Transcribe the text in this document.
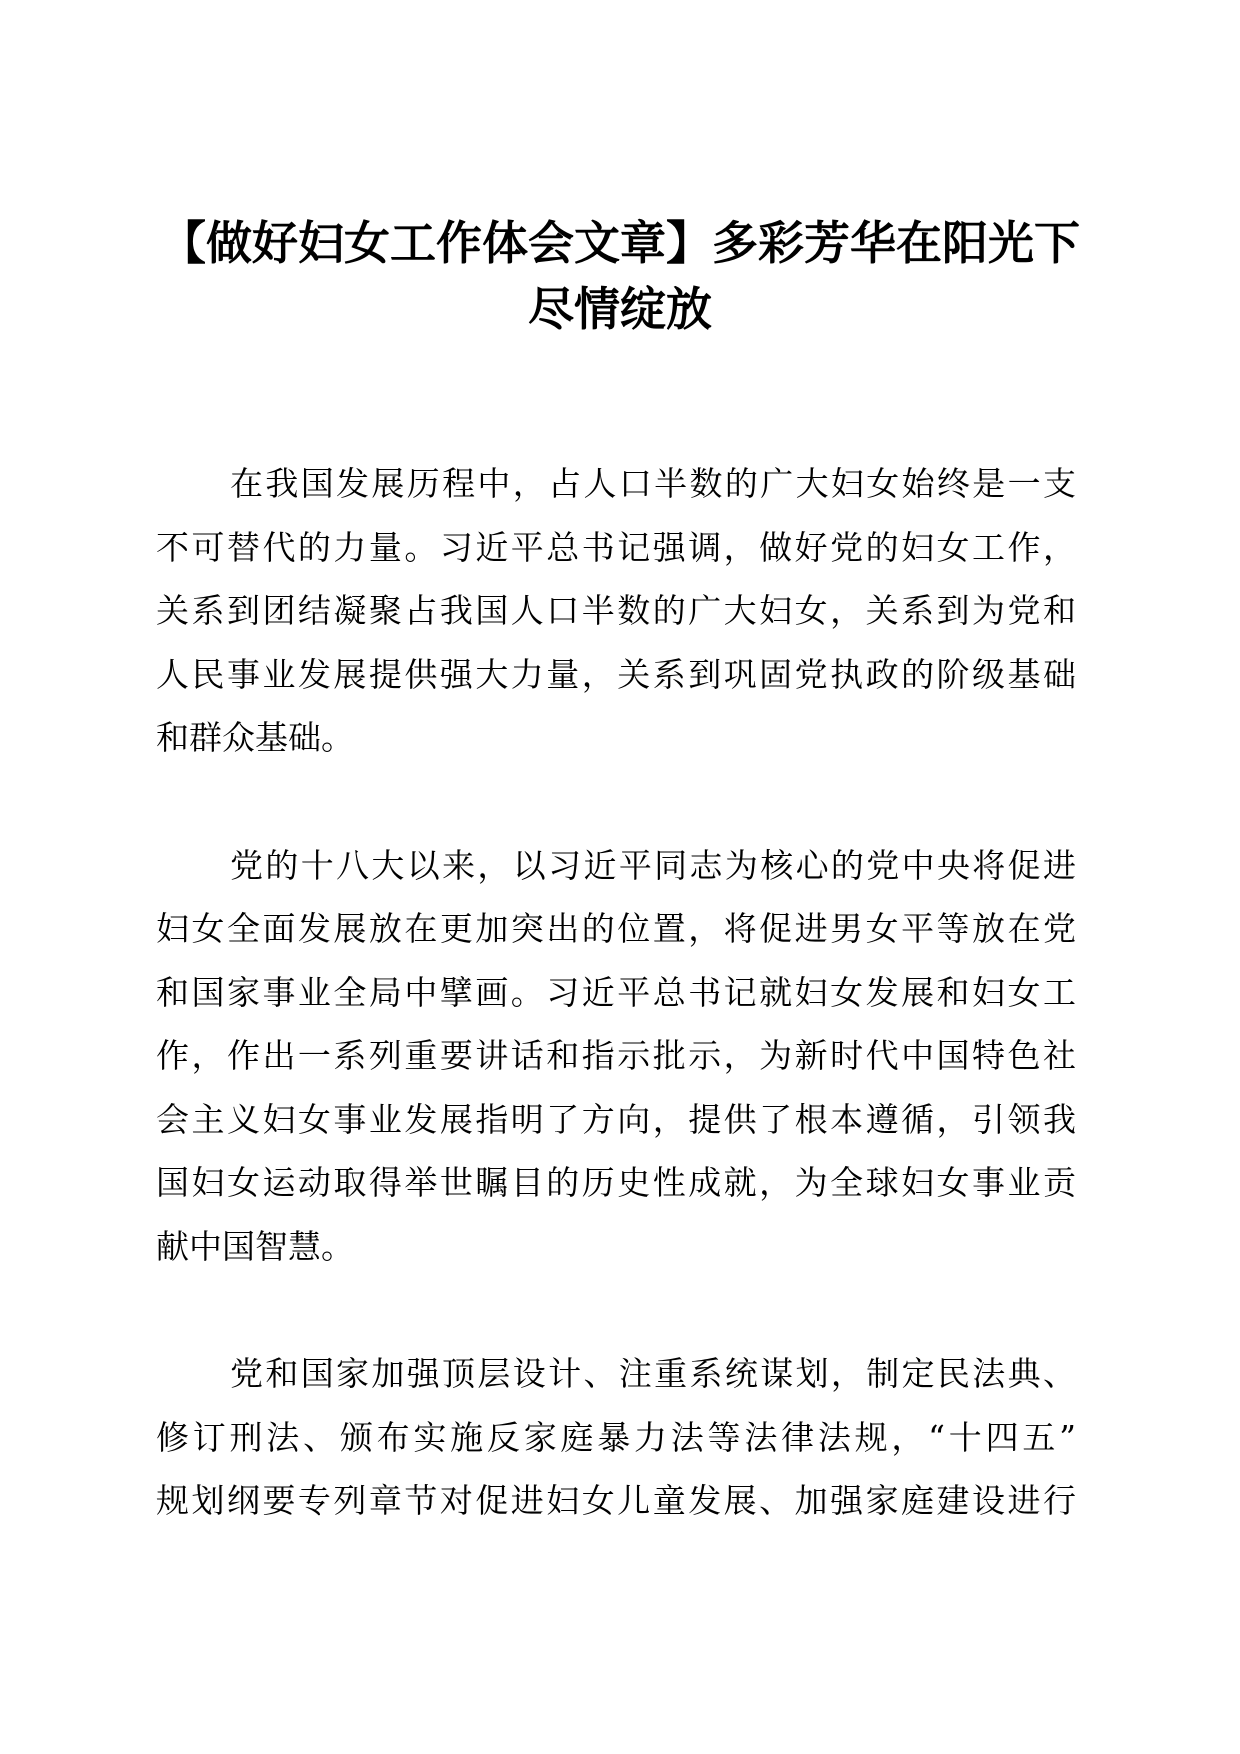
【做好妇女工作体会文章】多彩芳华在阳光下
尽情绽放

在我国发展历程中，占人口半数的广大妇女始终是一支
不可替代的力量。习近平总书记强调，做好党的妇女工作，
关系到团结凝聚占我国人口半数的广大妇女，关系到为党和
人民事业发展提供强大力量，关系到巩固党执政的阶级基础
和群众基础。

党的十八大以来，以习近平同志为核心的党中央将促进
妇女全面发展放在更加突出的位置，将促进男女平等放在党
和国家事业全局中擘画。习近平总书记就妇女发展和妇女工
作，作出一系列重要讲话和指示批示，为新时代中国特色社
会主义妇女事业发展指明了方向，提供了根本遵循，引领我
国妇女运动取得举世瞩目的历史性成就，为全球妇女事业贡
献中国智慧。

党和国家加强顶层设计、注重系统谋划，制定民法典、
修订刑法、颁布实施反家庭暴力法等法律法规，“十四五”
规划纲要专列章节对促进妇女儿童发展、加强家庭建设进行
